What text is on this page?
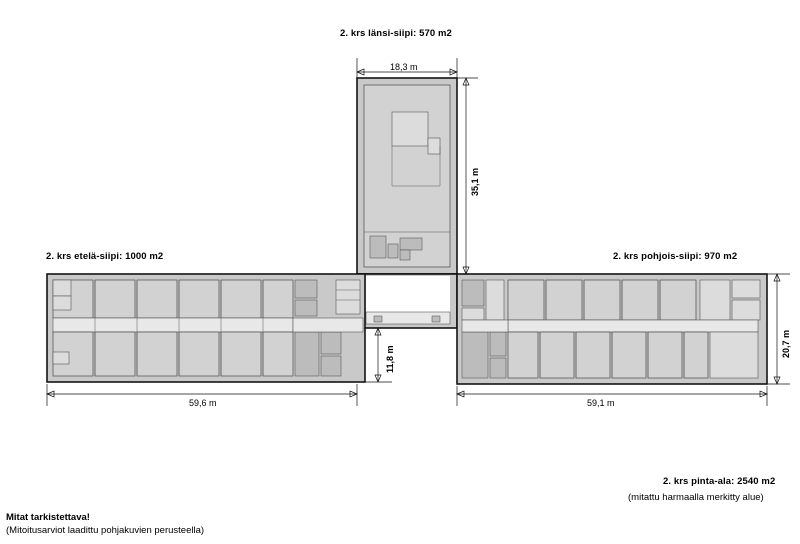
2. krs länsi-siipi: 570 m2
2. krs etelä-siipi: 1000 m2	2. krs pohjois-siipi: 970 m2
18,3 m
35,1 m
59,6 m
11,8 m
59,1 m
20,7 m
2. krs pinta-ala: 2540 m2
(mitattu harmaalla merkitty alue)
Mitat tarkistettava!
(Mitoitusarviot laadittu pohjakuvien perusteella)
